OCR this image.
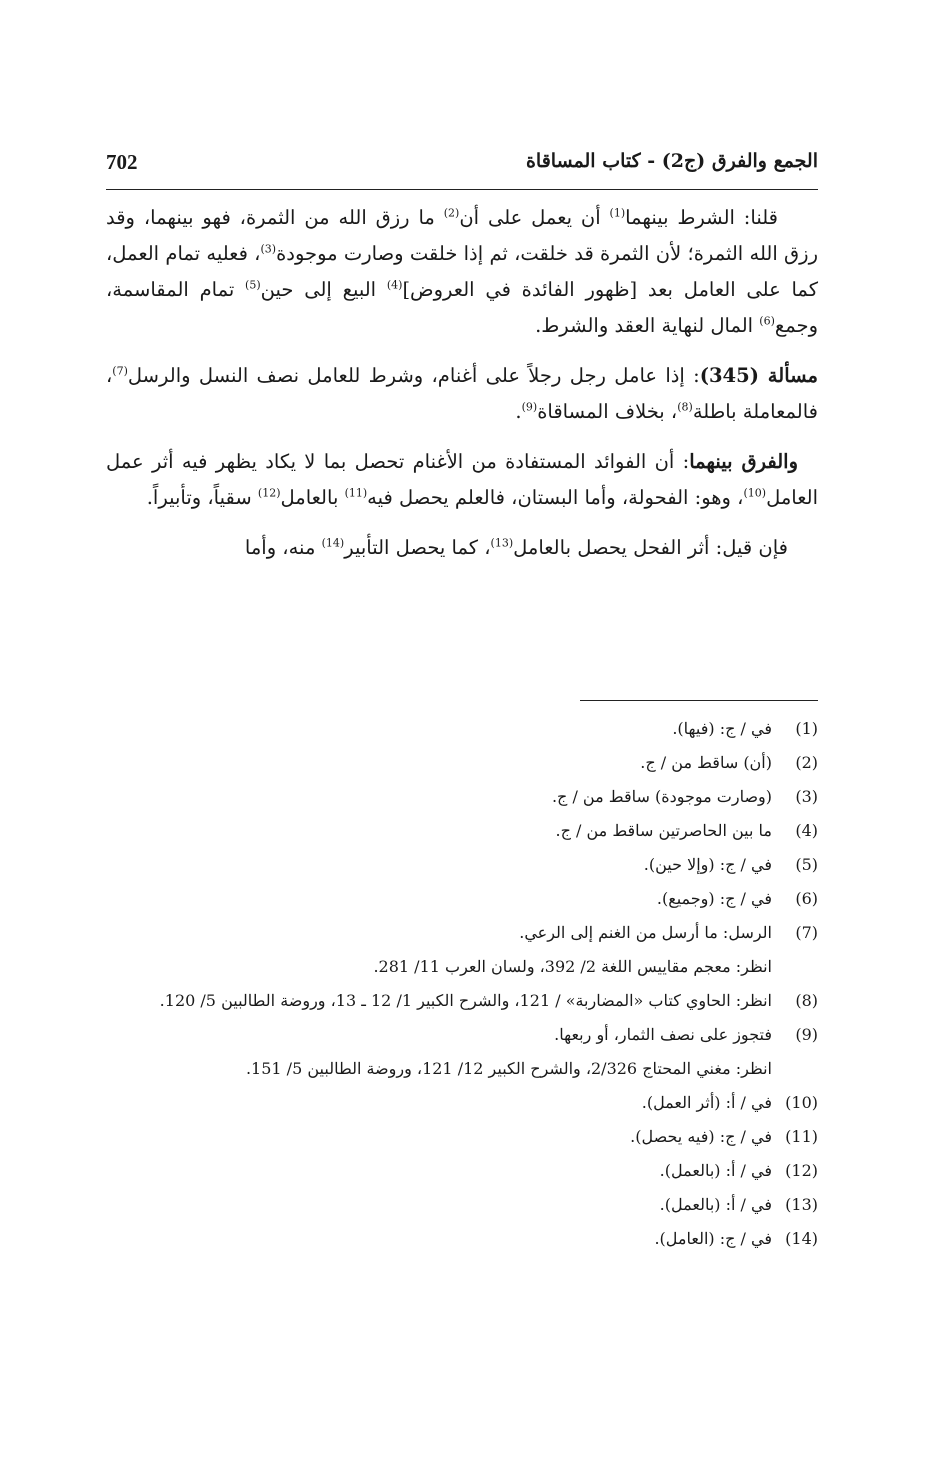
702	الجمع والفرق (ج2) - كتاب المساقاة

قلنا: الشرط بينهما$^{(1)}$ أن يعمل على أن$^{(2)}$ ما رزق الله من الثمرة، فهو بينهما، وقد رزق الله الثمرة؛ لأن الثمرة قد خلقت، ثم إذا خلقت وصارت موجودة$^{(3)}$، فعليه تمام العمل، كما على العامل بعد [ظهور الفائدة في العروض]$^{(4)}$ البيع إلى حين$^{(5)}$ تمام المقاسمة، وجمع$^{(6)}$ المال لنهاية العقد والشرط.

مسألة (345): إذا عامل رجل رجلاً على أغنام، وشرط للعامل نصف النسل والرسل$^{(7)}$، فالمعاملة باطلة$^{(8)}$، بخلاف المساقاة$^{(9)}$.

والفرق بينهما: أن الفوائد المستفادة من الأغنام تحصل بما لا يكاد يظهر فيه أثر عمل العامل$^{(10)}$، وهو: الفحولة، وأما البستان، فالعلم يحصل فيه$^{(11)}$ بالعامل$^{(12)}$ سقياً، وتأبيراً.

فإن قيل: أثر الفحل يحصل بالعامل$^{(13)}$، كما يحصل التأبير$^{(14)}$ منه، وأما

(1)
في / ج: (فيها).
(2)
(أن) ساقط من / ج.
(3)
(وصارت موجودة) ساقط من / ج.
(4)
ما بين الحاصرتين ساقط من / ج.
(5)
في / ج: (وإلا حين).
(6)
في / ج: (وجميع).
(7)
الرسل: ما أرسل من الغنم إلى الرعي.
انظر: معجم مقاييس اللغة 2/ 392، ولسان العرب 11/ 281.
(8)
انظر: الحاوي كتاب «المضاربة» / 121، والشرح الكبير 1/ 12 ـ 13، وروضة الطالبين 5/ 120.
(9)
فتجوز على نصف الثمار، أو ربعها.
انظر: مغني المحتاج 2/326، والشرح الكبير 12/ 121، وروضة الطالبين 5/ 151.
(10)
في / أ: (أثر العمل).
(11)
في / ج: (فيه يحصل).
(12)
في / أ: (بالعمل).
(13)
في / أ: (بالعمل).
(14)
في / ج: (العامل).
